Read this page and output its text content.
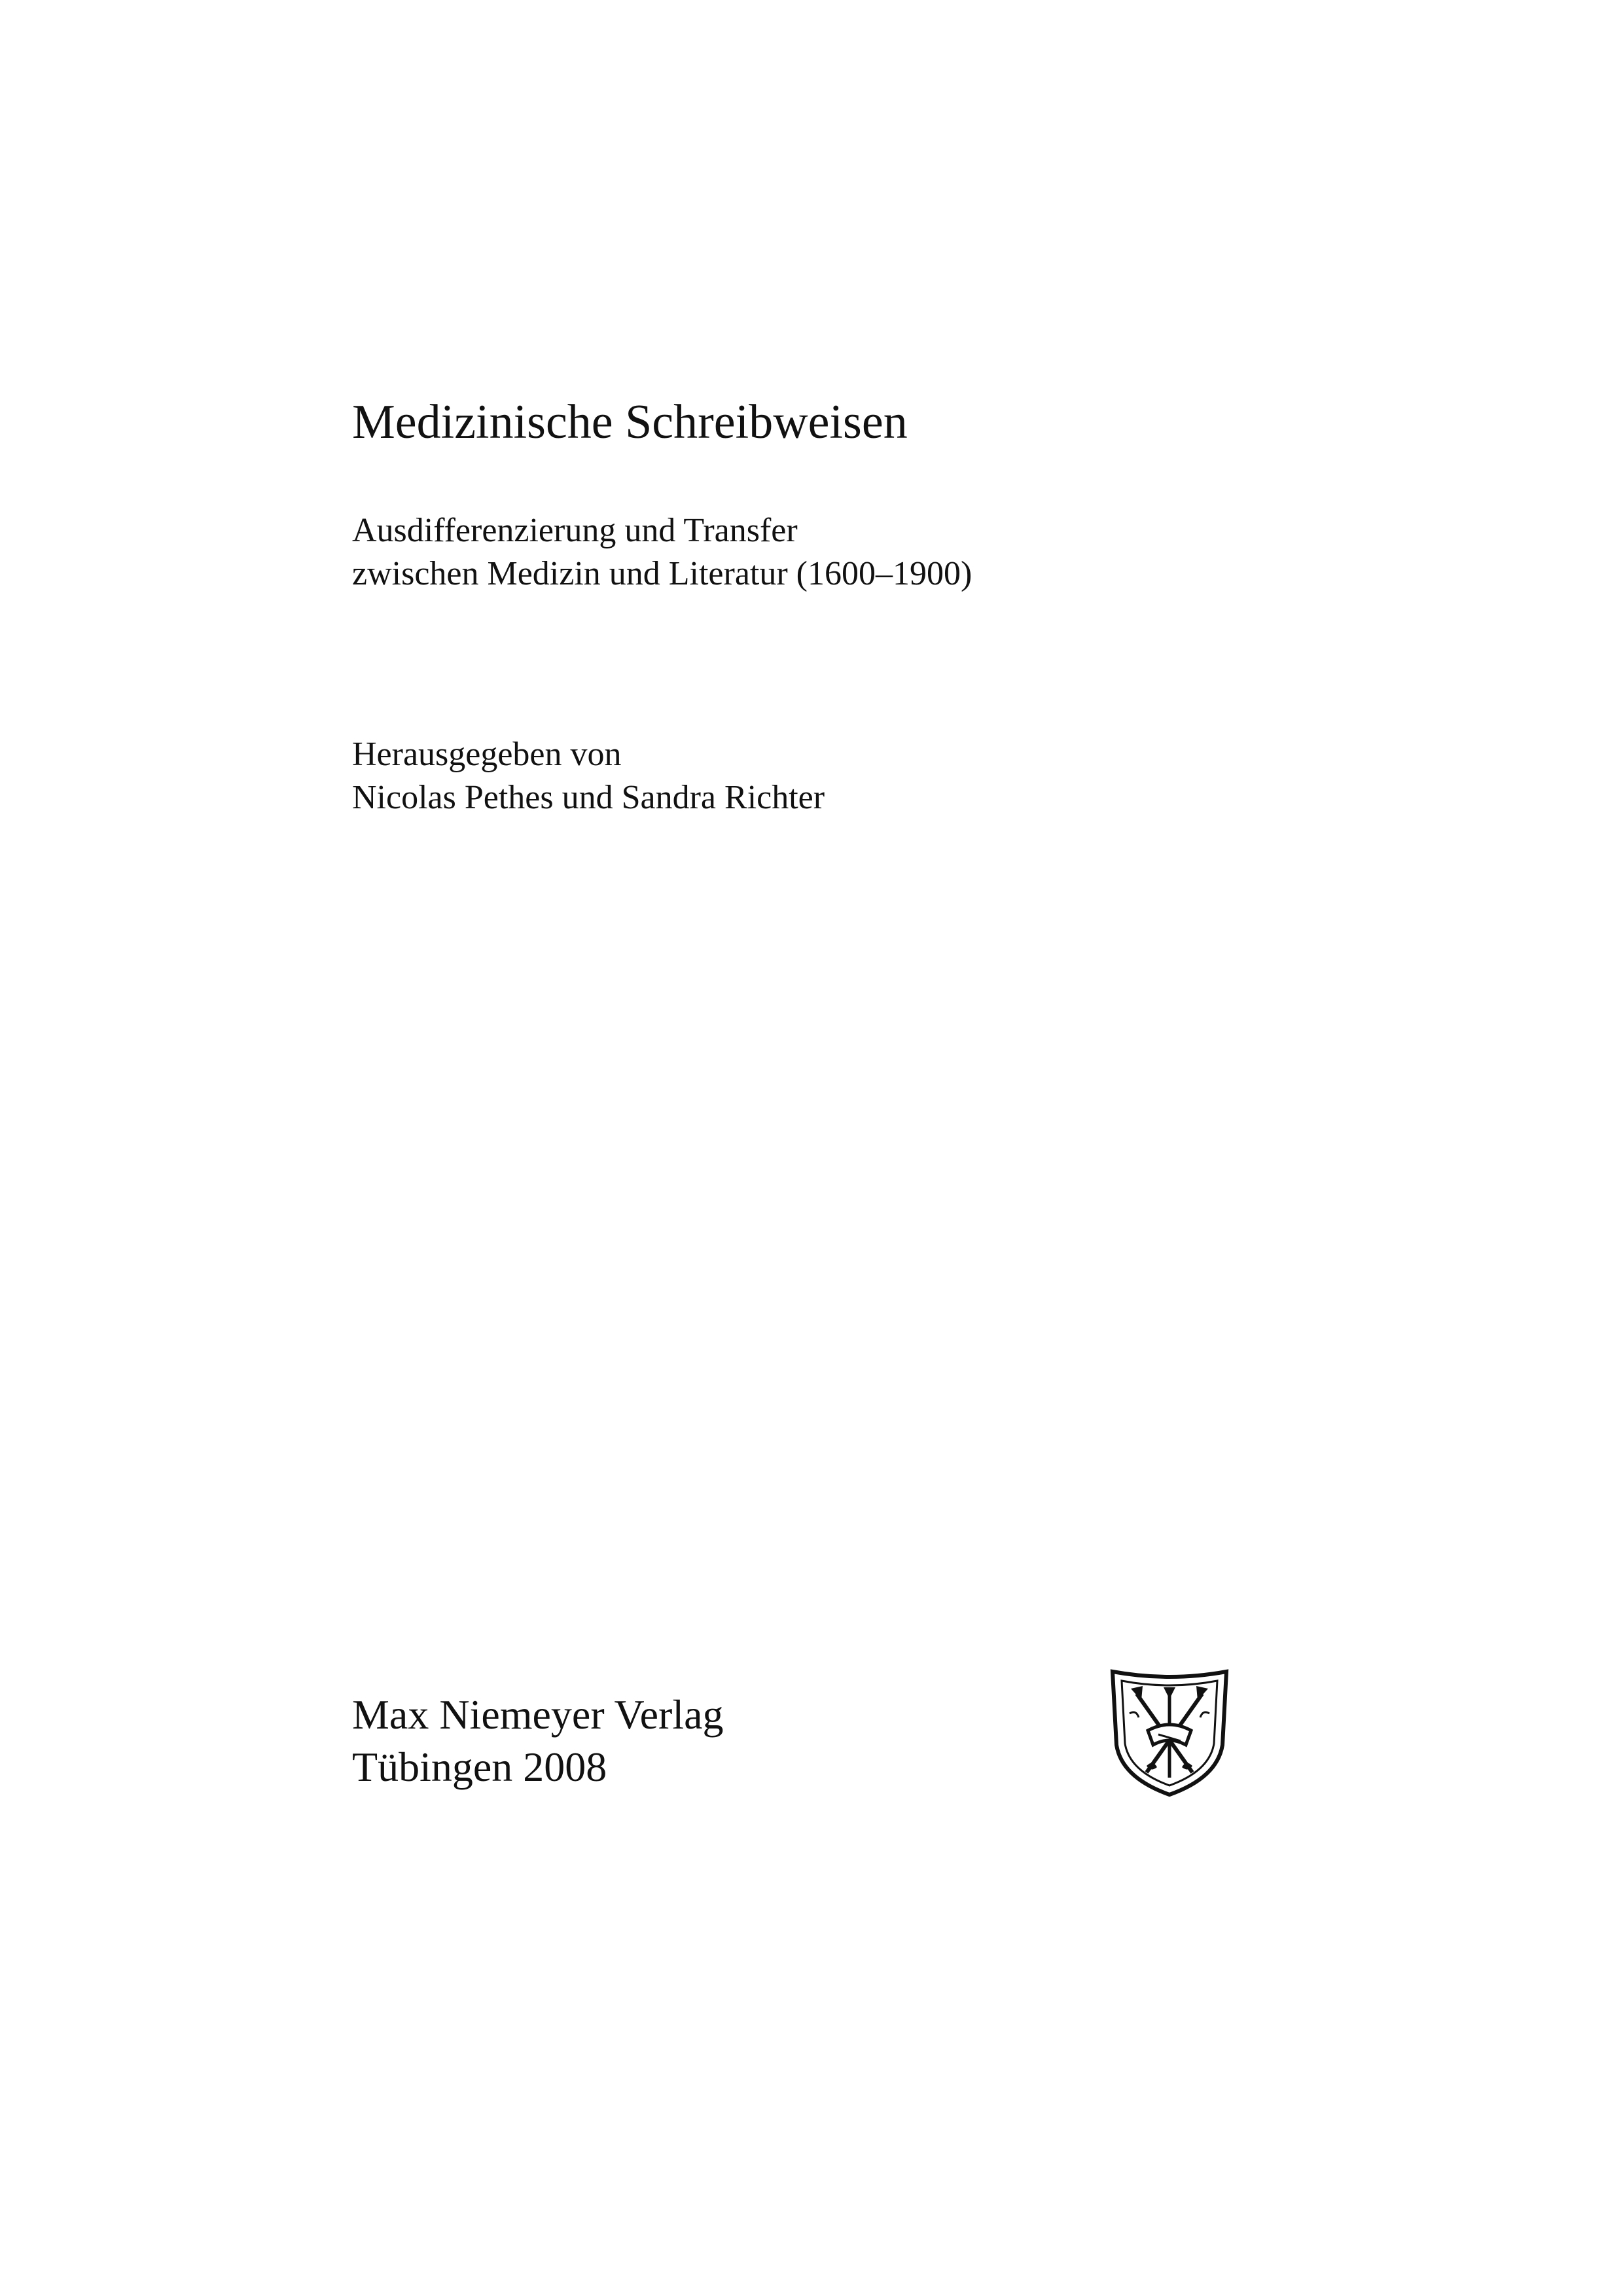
Medizinische Schreibweisen
Ausdifferenzierung und Transfer
zwischen Medizin und Literatur (1600–1900)
Herausgegeben von
Nicolas Pethes und Sandra Richter
Max Niemeyer Verlag
Tübingen 2008
